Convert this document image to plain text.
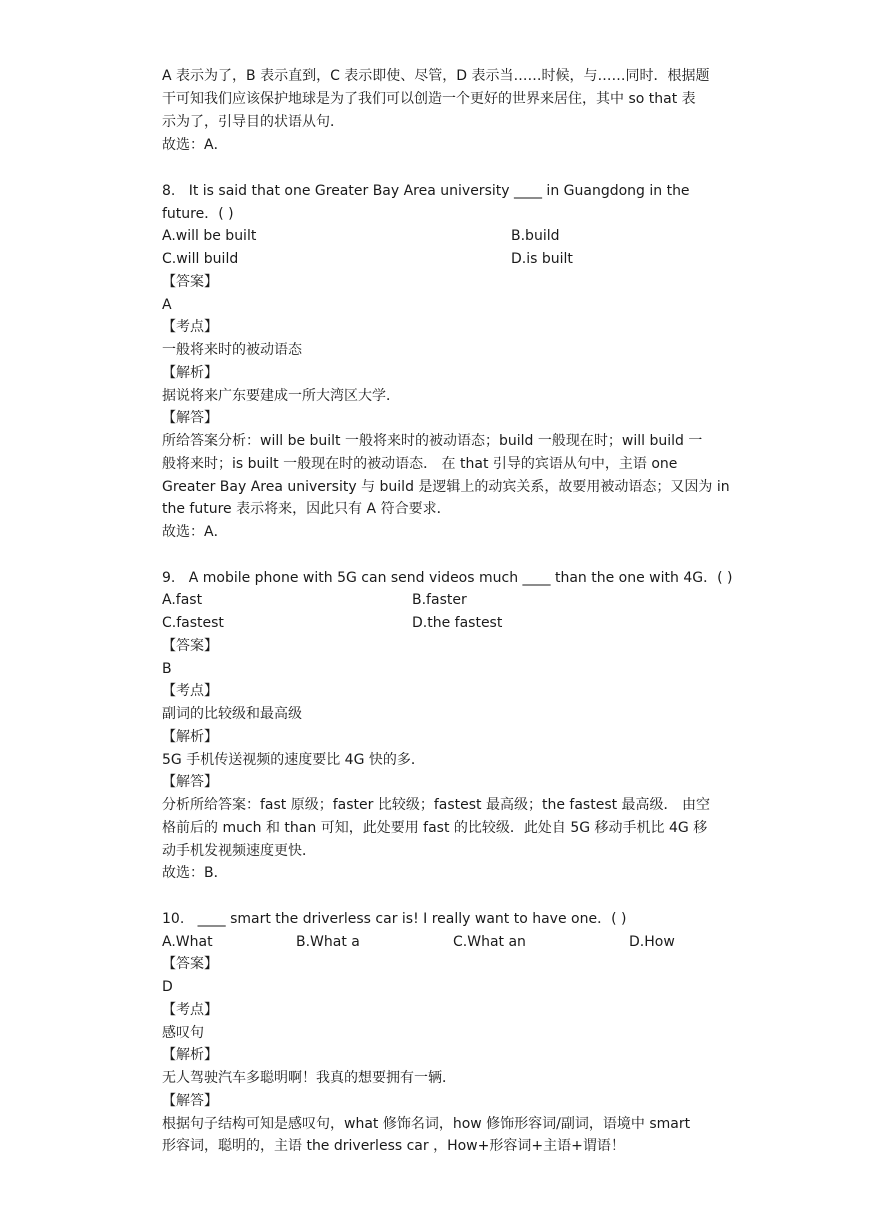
A 表示为了，B 表示直到，C 表示即使、尽管，D 表示当……时候，与……同时．根据题
干可知我们应该保护地球是为了我们可以创造一个更好的世界来居住，其中 so that 表
示为了，引导目的状语从句．
故选：A．
8.   It is said that one Greater Bay Area university ____ in Guangdong in the
future．( )
A.will be built	B.build
C.will build	D.is built
【答案】
A
【考点】
一般将来时的被动语态
【解析】
据说将来广东要建成一所大湾区大学．
【解答】
所给答案分析：will be built 一般将来时的被动语态；build 一般现在时；will build 一
般将来时；is built 一般现在时的被动语态． 在 that 引导的宾语从句中，主语 one
Greater Bay Area university 与 build 是逻辑上的动宾关系，故要用被动语态；又因为 in
the future 表示将来，因此只有 A 符合要求．
故选：A．
9.   A mobile phone with 5G can send videos much ____ than the one with 4G．( )
A.fast	B.faster
C.fastest	D.the fastest
【答案】
B
【考点】
副词的比较级和最高级
【解析】
5G 手机传送视频的速度要比 4G 快的多．
【解答】
分析所给答案：fast 原级；faster 比较级；fastest 最高级；the fastest 最高级． 由空
格前后的 much 和 than 可知，此处要用 fast 的比较级．此处自 5G 移动手机比 4G 移
动手机发视频速度更快．
故选：B．
10.   ____ smart the driverless car is! I really want to have one．( )
A.What	B.What a	C.What an	D.How
【答案】
D
【考点】
感叹句
【解析】
无人驾驶汽车多聪明啊！我真的想要拥有一辆．
【解答】
根据句子结构可知是感叹句，what 修饰名词，how 修饰形容词/副词，语境中 smart
形容词，聪明的，主语 the driverless car ，How+形容词+主语+谓语！
